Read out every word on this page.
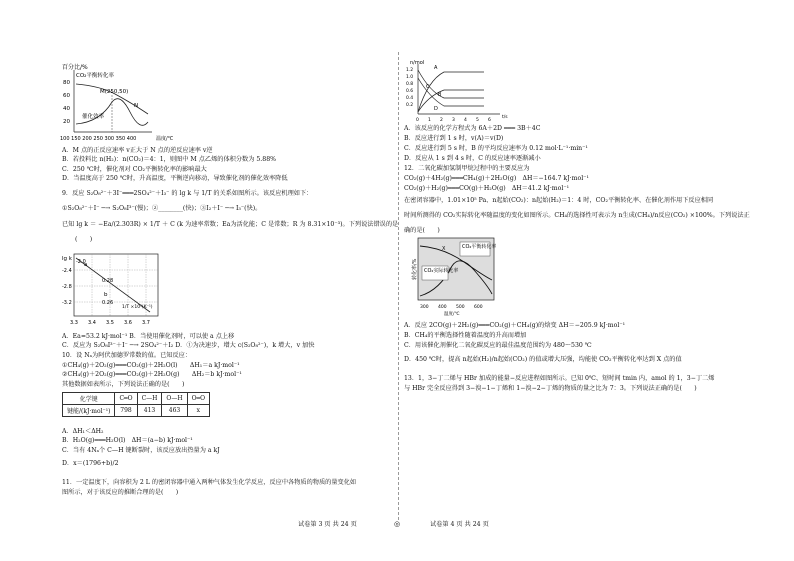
百分比/%
80
60
40
20
CO₂平衡转化率
M(250,50)
N
催化效率
100 150 200 250 300 350 400	温度/℃
A．M 点的正反应速率 v正大于 N 点的逆反应速率 v逆
B．若投料比 n(H₂)：n(CO₂)＝4：1，则图中 M 点乙烯的体积分数为 5.88%
C．250 ℃时，催化剂对 CO₂平衡转化率的影响最大
D．当温度高于 250 ℃时，升高温度，平衡逆向移动，导致催化剂的催化效率降低
9．反应 S₂O₈²⁻＋3I⁻═══2SO₄²⁻＋I₃⁻ 的 lg k 与 1/T 的关系如图所示。该反应机理如下：
①S₂O₈²⁻＋I⁻ ─→ S₂O₈I³⁻(慢)；②________(快)；③I₂＋I⁻ ─→ I₃⁻(快)。
已知 lg k ＝ −Ea/(2.303R) × 1/T ＋ C (k 为速率常数；Ea为活化能；C 是常数；R 为 8.31×10⁻³)。下列说法错误的是
(　　)
lg k -2.0
-2.4
-2.8
-3.2
a
0.28
b
0.26
3.3 3.4 3.5 3.6 3.7
1/T ×10³(K⁻¹)
A．Ea=53.2 kJ·mol⁻¹ B．当使用催化剂时，可以使 a 点上移
C．反应为 S₂O₈I³⁻＋I⁻ ─→ 2SO₄²⁻＋I₂ D．①为决速步，增大 c(S₂O₈²⁻)，k 增大，v 加快
10．设 Nₐ为阿伏加德罗常数的值。已知反应：
①CH₄(g)＋2O₂(g)═══CO₂(g)＋2H₂O(l)　　ΔH₁＝a kJ·mol⁻¹
②CH₄(g)＋2O₂(g)═══CO₂(g)＋2H₂O(g)　　ΔH₂＝b kJ·mol⁻¹
其他数据如表所示，下列说法正确的是(　　)
化学键	C═O	C—H	O—H	O═O
键能/(kJ·mol⁻¹)	798	413	463	x
A．ΔH₁＜ΔH₂
B．H₂O(g)═══H₂O(l)　ΔH＝(a−b) kJ·mol⁻¹
C．当有 4Nₐ个 C—H 键断裂时，该反应放出热量为 a kJ
D．x＝(1796+b)/2
11．一定温度下，向容积为 2 L 的密闭容器中通入两种气体发生化学反应，反应中各物质的物质的量变化如
图所示，对于该反应的推断合理的是(　　)
试卷第 3 页 共 24 页	◎
n/mol
1.2
1.0
0.8
0.6
0.4
0.2
A
C
B
D
0 1 2 3 4 5 6
t/s
A．该反应的化学方程式为 6A＋2D ═══ 3B＋4C
B．反应进行到 1 s 时，v(A)＝v(D)
C．反应进行到 5 s 时，B 的平均反应速率为 0.12 mol·L⁻¹·min⁻¹
D．反应从 1 s 到 4 s 时，C 的反应速率逐渐减小
12．二氧化碳加氢制甲烷过程中的主要反应为
CO₂(g)＋4H₂(g)═══CH₄(g)＋2H₂O(g)　ΔH＝−164.7 kJ·mol⁻¹
CO₂(g)＋H₂(g)═══CO(g)＋H₂O(g)　ΔH＝41.2 kJ·mol⁻¹
在密闭容器中，1.01×10⁵ Pa、n起始(CO₂)：n起始(H₂)＝1：4 时，CO₂平衡转化率、在催化剂作用下反应相同
时间所测得的 CO₂实际转化率随温度的变化如图所示。CH₄的选择性可表示为 n生成(CH₄)/n反应(CO₂) ×100%。下列说法正
确的是(　　)
转化率/%
CO₂平衡转化率
CO₂实际转化率
X
300 400 500 600
温度/℃
A．反应 2CO(g)＋2H₂(g)═══CO₂(g)＋CH₄(g)的焓变 ΔH＝−205.9 kJ·mol⁻¹
B．CH₄的平衡选择性随着温度的升高而增加
C．用该催化剂催化二氧化碳反应的最佳温度范围约为 480～530 ℃
D．450 ℃时，提高 n起始(H₂)/n起始(CO₂) 的值或增大压强，均能使 CO₂平衡转化率达到 X 点的值
13．1，3−丁二烯与 HBr 加成的能量−反应进程如图所示。已知 0℃、短时间 tmin 内，amol 的 1，3−丁二烯
与 HBr 完全反应得到 3−溴−1−丁烯和 1−溴−2−丁烯的物质的量之比为 7：3。下列说法正确的是(　　)
试卷第 4 页 共 24 页
